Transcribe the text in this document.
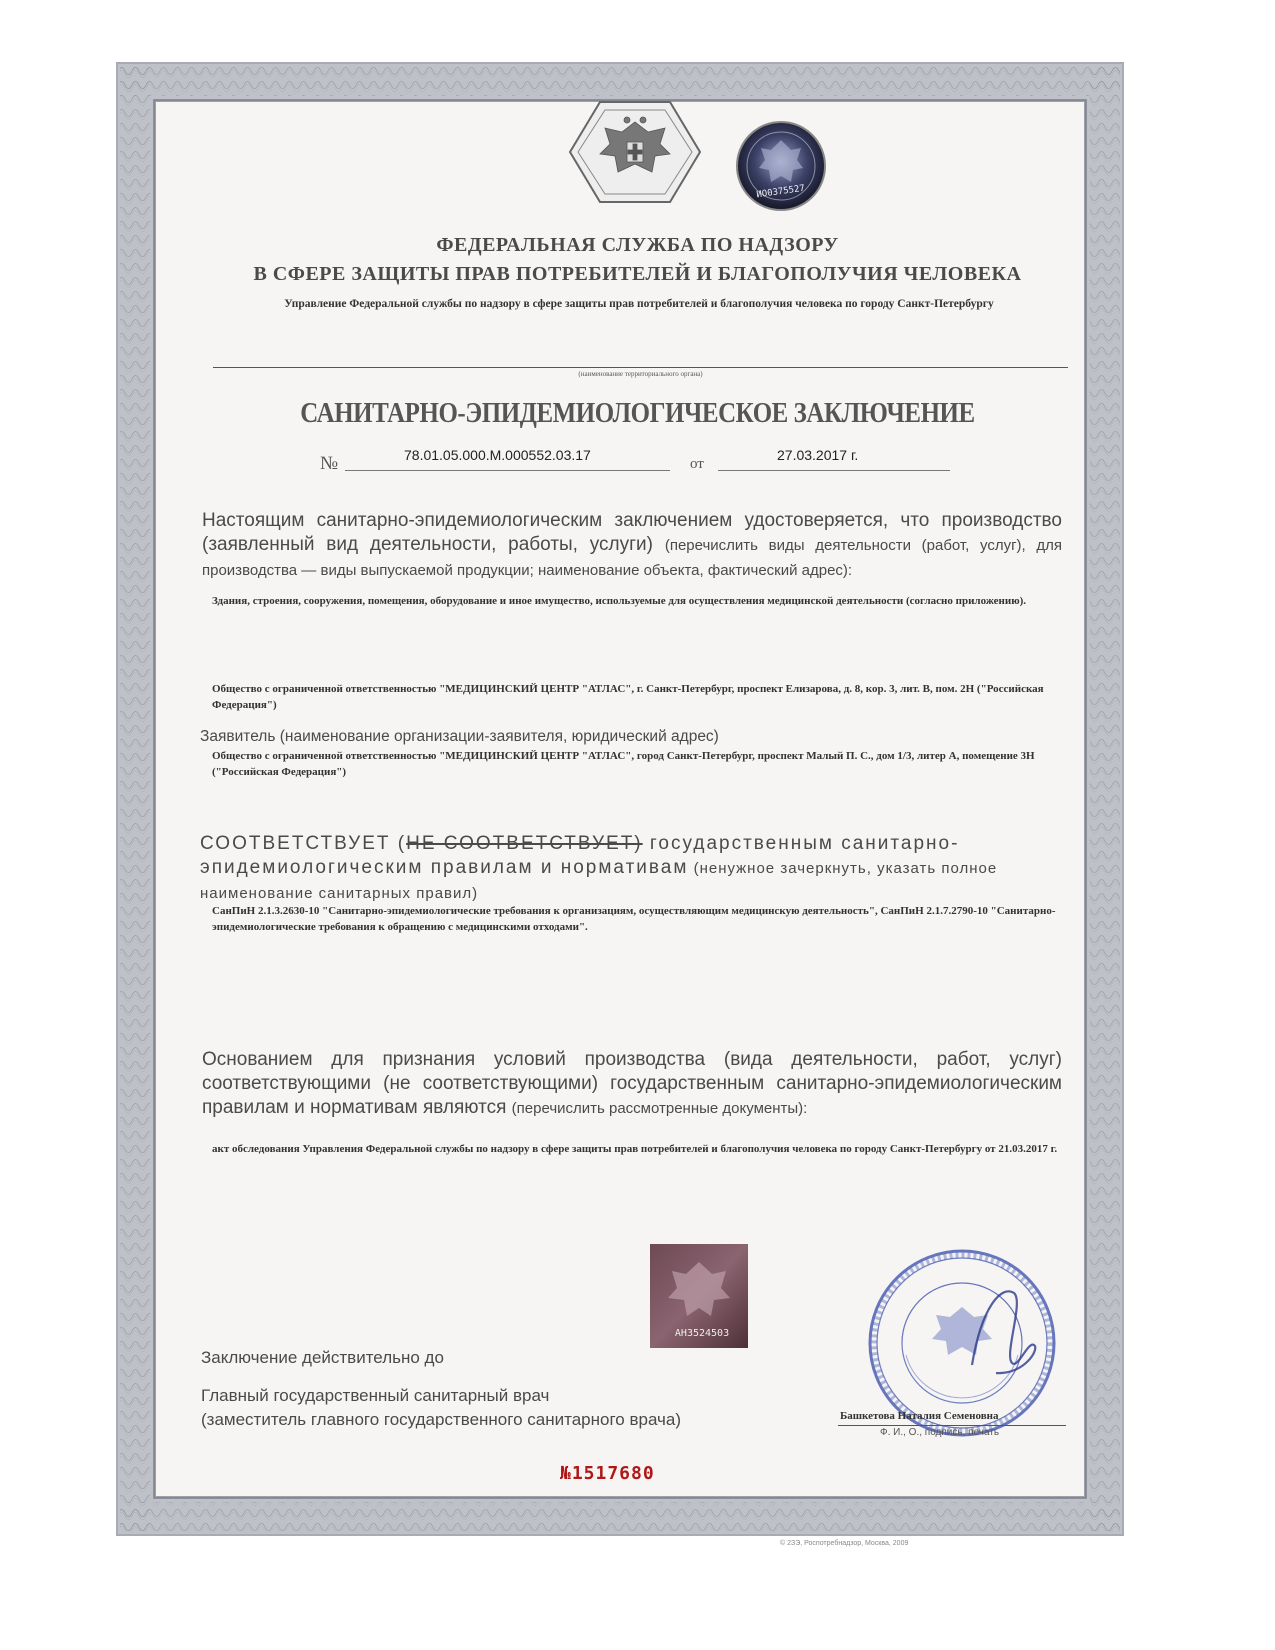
ИО0375527
ФЕДЕРАЛЬНАЯ СЛУЖБА ПО НАДЗОРУ
В СФЕРЕ ЗАЩИТЫ ПРАВ ПОТРЕБИТЕЛЕЙ И БЛАГОПОЛУЧИЯ ЧЕЛОВЕКА
Управление Федеральной службы по надзору в сфере защиты прав потребителей и благополучия человека по городу Санкт-Петербургу
(наименование территориального органа)
САНИТАРНО-ЭПИДЕМИОЛОГИЧЕСКОЕ ЗАКЛЮЧЕНИЕ
№	78.01.05.000.М.000552.03.17
от
27.03.2017 г.
Настоящим санитарно-эпидемиологическим заключением удостоверяется, что производство (заявленный вид деятельности, работы, услуги) (перечислить виды деятельности (работ, услуг), для производства — виды выпускаемой продукции; наименование объекта, фактический адрес):
Здания, строения, сооружения, помещения, оборудование и иное имущество, используемые для осуществления медицинской деятельности (согласно приложению).
Общество с ограниченной ответственностью "МЕДИЦИНСКИЙ ЦЕНТР "АТЛАС", г. Санкт-Петербург, проспект Елизарова, д. 8, кор. 3, лит. В, пом. 2Н ("Российская Федерация")
Заявитель (наименование организации-заявителя, юридический адрес)
Общество с ограниченной ответственностью "МЕДИЦИНСКИЙ ЦЕНТР "АТЛАС", город Санкт-Петербург, проспект Малый П. С., дом 1/3, литер А, помещение 3Н ("Российская Федерация")
СООТВЕТСТВУЕТ (НЕ СООТВЕТСТВУЕТ) государственным санитарно-эпидемиологическим правилам и нормативам (ненужное зачеркнуть, указать полное наименование санитарных правил)
СанПиН 2.1.3.2630-10 "Санитарно-эпидемиологические требования к организациям, осуществляющим медицинскую деятельность", СанПиН 2.1.7.2790-10 "Санитарно-эпидемиологические требования к обращению с медицинскими отходами".
Основанием для признания условий производства (вида деятельности, работ, услуг) соответствующими (не соответствующими) государственным санитарно-эпидемиологическим правилам и нормативам являются (перечислить рассмотренные документы):
акт обследования Управления Федеральной службы по надзору в сфере защиты прав потребителей и благополучия человека по городу Санкт-Петербургу от 21.03.2017 г.
АН3524503
Заключение действительно до
Главный государственный санитарный врач
(заместитель главного государственного санитарного врача)	Башкетова Наталия Семеновна
Ф. И., О., подпись, печать
№1517680
© 2ЗЭ, Роспотребнадзор, Москва, 2009
